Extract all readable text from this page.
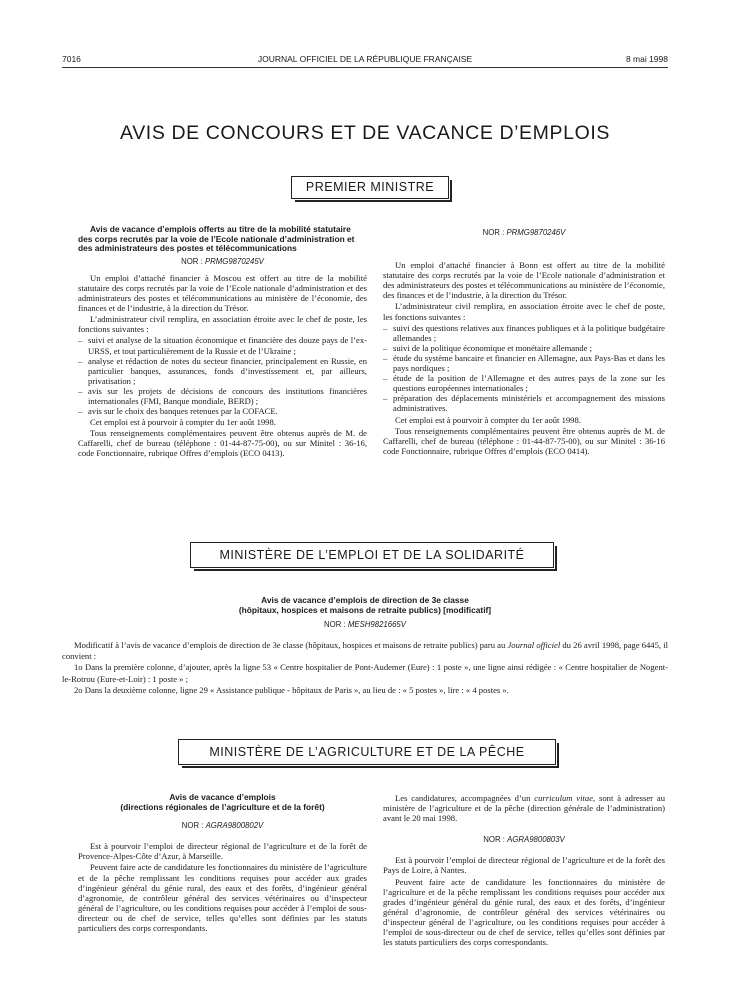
7016	JOURNAL OFFICIEL DE LA RÉPUBLIQUE FRANÇAISE	8 mai 1998
AVIS DE CONCOURS ET DE VACANCE D’EMPLOIS
PREMIER MINISTRE

Avis de vacance d’emplois offerts au titre de la mobilité statutaire des corps recrutés par la voie de l’Ecole nationale d’administration et des administrateurs des postes et télécommunications

NOR : PRMG9870245V

Un emploi d’attaché financier à Moscou est offert au titre de la mobilité statutaire des corps recrutés par la voie de l’Ecole nationale d’administration et des administrateurs des postes et télécommunications au ministère de l’économie, des finances et de l’industrie, à la direction du Trésor.

L’administrateur civil remplira, en association étroite avec le chef de poste, les fonctions suivantes :

– suivi et analyse de la situation économique et financière des douze pays de l’ex-URSS, et tout particulièrement de la Russie et de l’Ukraine ;
– analyse et rédaction de notes du secteur financier, principalement en Russie, en particulier banques, assurances, fonds d’investissement et, par ailleurs, privatisation ;
– avis sur les projets de décisions de concours des institutions financières internationales (FMI, Banque mondiale, BERD) ;
– avis sur le choix des banques retenues par la COFACE.

Cet emploi est à pourvoir à compter du 1er août 1998.

Tous renseignements complémentaires peuvent être obtenus auprès de M. de Caffarelli, chef de bureau (téléphone : 01-44-87-75-00), ou sur Minitel : 36-16, code Fonctionnaire, rubrique Offres d’emplois (ECO 0413).

NOR : PRMG9870246V

Un emploi d’attaché financier à Bonn est offert au titre de la mobilité statutaire des corps recrutés par la voie de l’Ecole nationale d’administration et des administrateurs des postes et télécommunications au ministère de l’économie, des finances et de l’industrie, à la direction du Trésor.

L’administrateur civil remplira, en association étroite avec le chef de poste, les fonctions suivantes :

– suivi des questions relatives aux finances publiques et à la politique budgétaire allemandes ;
– suivi de la politique économique et monétaire allemande ;
– étude du système bancaire et financier en Allemagne, aux Pays-Bas et dans les pays nordiques ;
– étude de la position de l’Allemagne et des autres pays de la zone sur les questions européennes internationales ;
– préparation des déplacements ministériels et accompagnement des missions administratives.

Cet emploi est à pourvoir à compter du 1er août 1998.

Tous renseignements complémentaires peuvent être obtenus auprès de M. de Caffarelli, chef de bureau (téléphone : 01-44-87-75-00), ou sur Minitel : 36-16 code Fonctionnaire, rubrique Offres d’emplois (ECO 0414).

MINISTÈRE DE L’EMPLOI ET DE LA SOLIDARITÉ
Avis de vacance d’emplois de direction de 3e classe
(hôpitaux, hospices et maisons de retraite publics) [modificatif]
NOR : MESH9821665V

Modificatif à l’avis de vacance d’emplois de direction de 3e classe (hôpitaux, hospices et maisons de retraite publics) paru au Journal officiel du 26 avril 1998, page 6445, il convient :

1o Dans la première colonne, d’ajouter, après la ligne 53 « Centre hospitalier de Pont-Audemer (Eure) : 1 poste », une ligne ainsi rédigée : « Centre hospitalier de Nogent-le-Rotrou (Eure-et-Loir) : 1 poste » ;

2o Dans la deuxième colonne, ligne 29 « Assistance publique - hôpitaux de Paris », au lieu de : « 5 postes », lire : « 4 postes ».

MINISTÈRE DE L’AGRICULTURE ET DE LA PÊCHE
Avis de vacance d’emplois
(directions régionales de l’agriculture et de la forêt)
NOR : AGRA9800802V

Est à pourvoir l’emploi de directeur régional de l’agriculture et de la forêt de Provence-Alpes-Côte d’Azur, à Marseille.

Peuvent faire acte de candidature les fonctionnaires du ministère de l’agriculture et de la pêche remplissant les conditions requises pour accéder aux grades d’ingénieur général du génie rural, des eaux et des forêts, d’ingénieur général d’agronomie, de contrôleur général des services vétérinaires ou d’inspecteur général de l’agriculture, ou les conditions requises pour accéder à l’emploi de sous-directeur ou de chef de service, telles qu’elles sont définies par les statuts particuliers des corps correspondants.

Les candidatures, accompagnées d’un curriculum vitae, sont à adresser au ministère de l’agriculture et de la pêche (direction générale de l’administration) avant le 20 mai 1998.

NOR : AGRA9800803V

Est à pourvoir l’emploi de directeur régional de l’agriculture et de la forêt des Pays de Loire, à Nantes.

Peuvent faire acte de candidature les fonctionnaires du ministère de l’agriculture et de la pêche remplissant les conditions requises pour accéder aux grades d’ingénieur général du génie rural, des eaux et des forêts, d’ingénieur général d’agronomie, de contrôleur général des services vétérinaires ou d’inspecteur général de l’agriculture, ou les conditions requises pour accéder à l’emploi de sous-directeur ou de chef de service, telles qu’elles sont définies par les statuts particuliers des corps correspondants.
